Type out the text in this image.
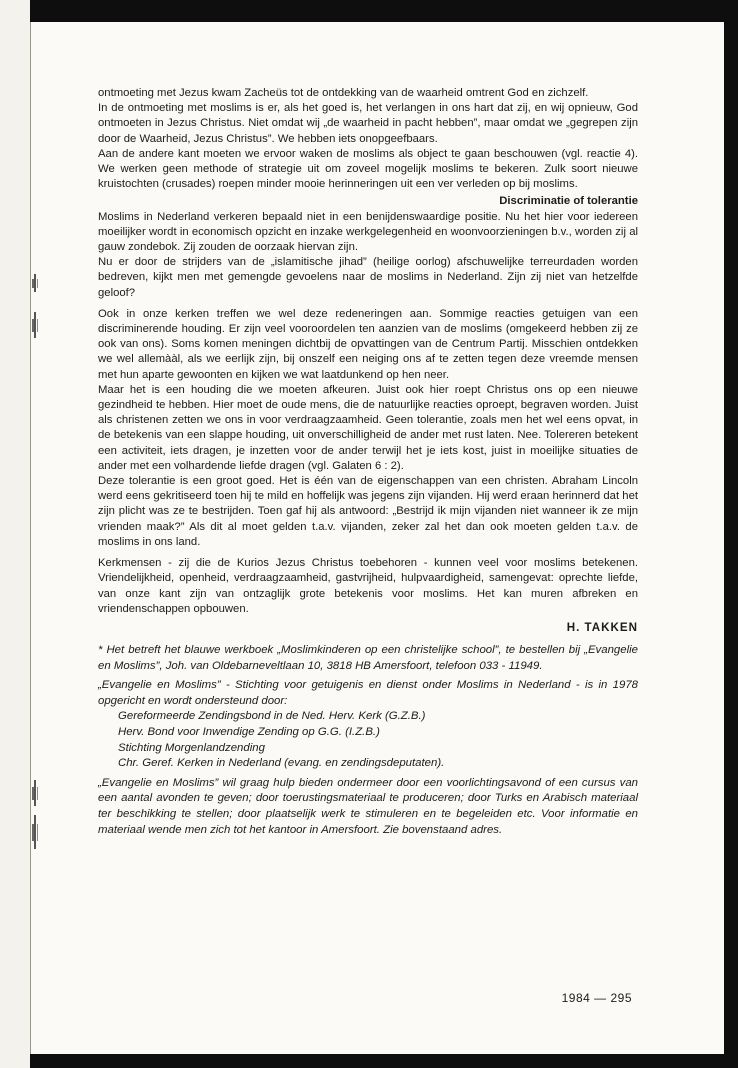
ontmoeting met Jezus kwam Zacheüs tot de ontdekking van de waarheid omtrent God en zichzelf.

In de ontmoeting met moslims is er, als het goed is, het verlangen in ons hart dat zij, en wij opnieuw, God ontmoeten in Jezus Christus. Niet omdat wij „de waarheid in pacht hebben”, maar omdat we „gegrepen zijn door de Waarheid, Jezus Christus”. We hebben iets onopgeefbaars.

Aan de andere kant moeten we ervoor waken de moslims als object te gaan beschouwen (vgl. reactie 4). We werken geen methode of strategie uit om zoveel mogelijk moslims te bekeren. Zulk soort nieuwe kruistochten (crusades) roepen minder mooie herinneringen uit een ver verleden op bij moslims.

Discriminatie of tolerantie

Moslims in Nederland verkeren bepaald niet in een benijdenswaardige positie. Nu het hier voor iedereen moeilijker wordt in economisch opzicht en inzake werkgelegenheid en woonvoorzieningen b.v., worden zij al gauw zondebok. Zij zouden de oorzaak hiervan zijn.

Nu er door de strijders van de „islamitische jihad” (heilige oorlog) afschuwelijke terreurdaden worden bedreven, kijkt men met gemengde gevoelens naar de moslims in Nederland. Zijn zij niet van hetzelfde geloof?

Ook in onze kerken treffen we wel deze redeneringen aan. Sommige reacties getuigen van een discriminerende houding. Er zijn veel vooroordelen ten aanzien van de moslims (omgekeerd hebben zij ze ook van ons). Soms komen meningen dichtbij de opvattingen van de Centrum Partij. Misschien ontdekken we wel allemààl, als we eerlijk zijn, bij onszelf een neiging ons af te zetten tegen deze vreemde mensen met hun aparte gewoonten en kijken we wat laatdunkend op hen neer.

Maar het is een houding die we moeten afkeuren. Juist ook hier roept Christus ons op een nieuwe gezindheid te hebben. Hier moet de oude mens, die de natuurlijke reacties oproept, begraven worden. Juist als christenen zetten we ons in voor verdraagzaamheid. Geen tolerantie, zoals men het wel eens opvat, in de betekenis van een slappe houding, uit onverschilligheid de ander met rust laten. Nee. Tolereren betekent een activiteit, iets dragen, je inzetten voor de ander terwijl het je iets kost, juist in moeilijke situaties de ander met een volhardende liefde dragen (vgl. Galaten 6 : 2).

Deze tolerantie is een groot goed. Het is één van de eigenschappen van een christen. Abraham Lincoln werd eens gekritiseerd toen hij te mild en hoffelijk was jegens zijn vijanden. Hij werd eraan herinnerd dat het zijn plicht was ze te bestrijden. Toen gaf hij als antwoord: „Bestrijd ik mijn vijanden niet wanneer ik ze mijn vrienden maak?” Als dit al moet gelden t.a.v. vijanden, zeker zal het dan ook moeten gelden t.a.v. de moslims in ons land.

Kerkmensen - zij die de Kurios Jezus Christus toebehoren - kunnen veel voor moslims betekenen. Vriendelijkheid, openheid, verdraagzaamheid, gastvrijheid, hulpvaardigheid, samengevat: oprechte liefde, van onze kant zijn van ontzaglijk grote betekenis voor moslims. Het kan muren afbreken en vriendenschappen opbouwen.

H. TAKKEN

* Het betreft het blauwe werkboek „Moslimkinderen op een christelijke school”, te bestellen bij „Evangelie en Moslims”, Joh. van Oldebarneveltlaan 10, 3818 HB Amersfoort, telefoon 033 - 11949.

„Evangelie en Moslims” - Stichting voor getuigenis en dienst onder Moslims in Nederland - is in 1978 opgericht en wordt ondersteund door:

Gereformeerde Zendingsbond in de Ned. Herv. Kerk (G.Z.B.)
Herv. Bond voor Inwendige Zending op G.G. (I.Z.B.)
Stichting Morgenlandzending
Chr. Geref. Kerken in Nederland (evang. en zendingsdeputaten).

„Evangelie en Moslims” wil graag hulp bieden ondermeer door een voorlichtingsavond of een cursus van een aantal avonden te geven; door toerustingsmateriaal te produceren; door Turks en Arabisch materiaal ter beschikking te stellen; door plaatselijk werk te stimuleren en te begeleiden etc. Voor informatie en materiaal wende men zich tot het kantoor in Amersfoort. Zie bovenstaand adres.

1984 — 295
